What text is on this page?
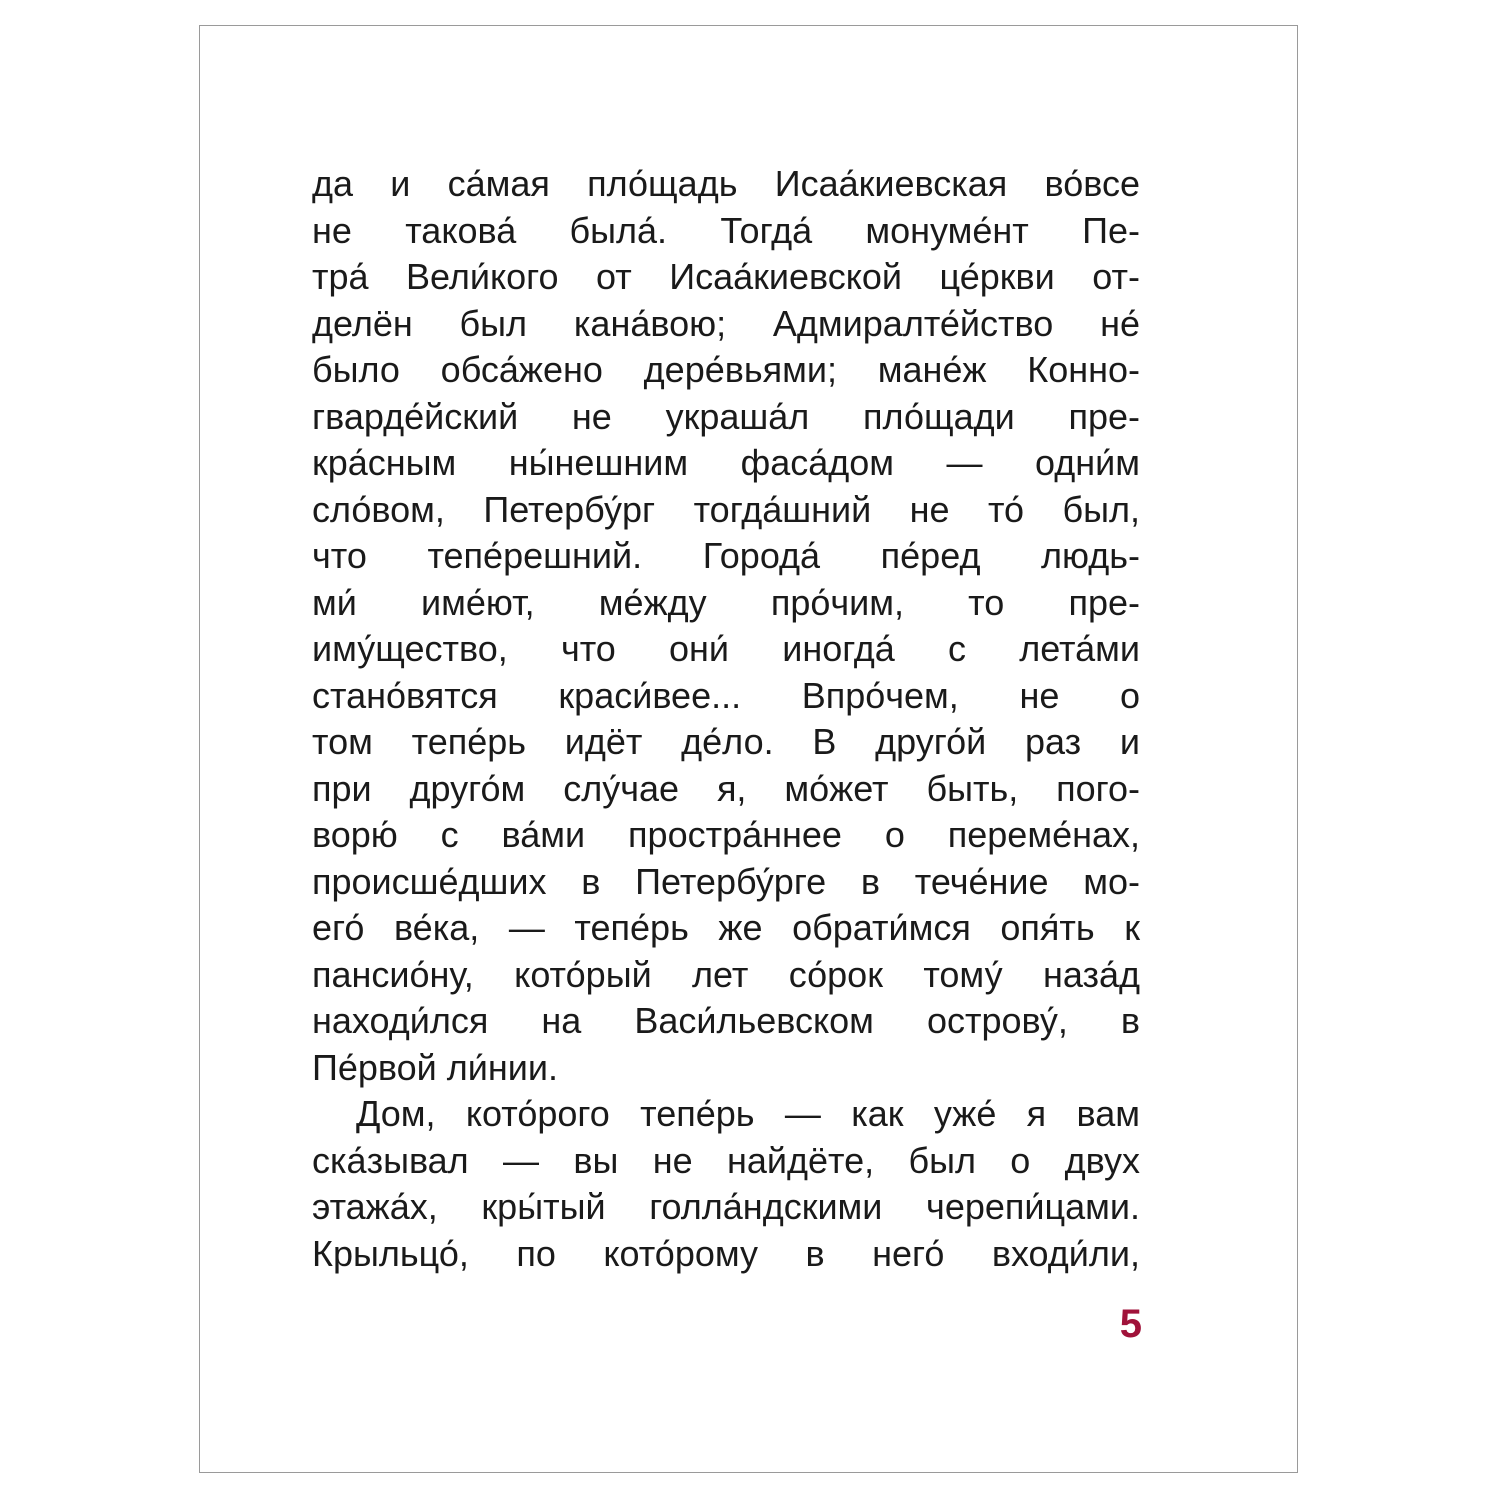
да и са́мая пло́щадь Исаа́киевская во́все
не такова́ была́. Тогда́ монуме́нт Пе-
тра́ Вели́кого от Исаа́киевской це́ркви от-
делён был кана́вою; Адмиралте́йство не́
было обса́жено дере́вьями; мане́ж Конно-
гварде́йский не украша́л пло́щади пре-
кра́сным ны́нешним фаса́дом — одни́м
сло́вом, Петербу́рг тогда́шний не то́ был,
что тепе́решний. Города́ пе́ред людь-
ми́ име́ют, ме́жду про́чим, то пре-
иму́щество, что они́ иногда́ с лета́ми
стано́вятся краси́вее... Впро́чем, не о
том тепе́рь идёт де́ло. В друго́й раз и
при друго́м слу́чае я, мо́жет быть, пого-
ворю́ с ва́ми простра́ннее о переме́нах,
происше́дших в Петербу́рге в тече́ние мо-
его́ ве́ка, — тепе́рь же обрати́мся опя́ть к
пансио́ну, кото́рый лет со́рок тому́ наза́д
находи́лся на Васи́льевском острову́, в
Пе́рвой ли́нии.
Дом, кото́рого тепе́рь — как уже́ я вам
ска́зывал — вы не найдёте, был о двух
этажа́х, кры́тый голла́ндскими черепи́цами.
Крыльцо́, по кото́рому в него́ входи́ли,
5
